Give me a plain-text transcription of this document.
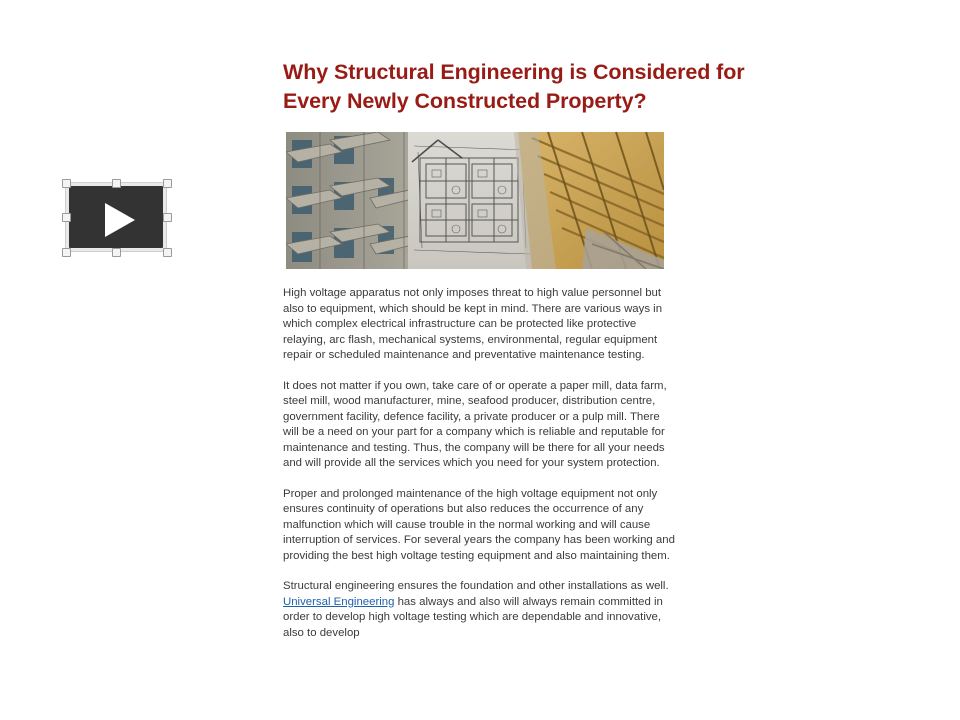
Why Structural Engineering is Considered for
Every Newly Constructed Property?

High voltage apparatus not only imposes threat to high value personnel but also to equipment, which should be kept in mind. There are various ways in which complex electrical infrastructure can be protected like protective relaying, arc flash, mechanical systems, environmental, regular equipment repair or scheduled maintenance and preventative maintenance testing.

It does not matter if you own, take care of or operate a paper mill, data farm, steel mill, wood manufacturer, mine, seafood producer, distribution centre, government facility, defence facility, a private producer or a pulp mill. There will be a need on your part for a company which is reliable and reputable for maintenance and testing. Thus, the company will be there for all your needs and will provide all the services which you need for your system protection.

Proper and prolonged maintenance of the high voltage equipment not only ensures continuity of operations but also reduces the occurrence of any malfunction which will cause trouble in the normal working and will cause interruption of services. For several years the company has been working and providing the best high voltage testing equipment and also maintaining them.

Structural engineering ensures the foundation and other installations as well. Universal Engineering has always and also will always remain committed in order to develop high voltage testing which are dependable and innovative, also to develop
